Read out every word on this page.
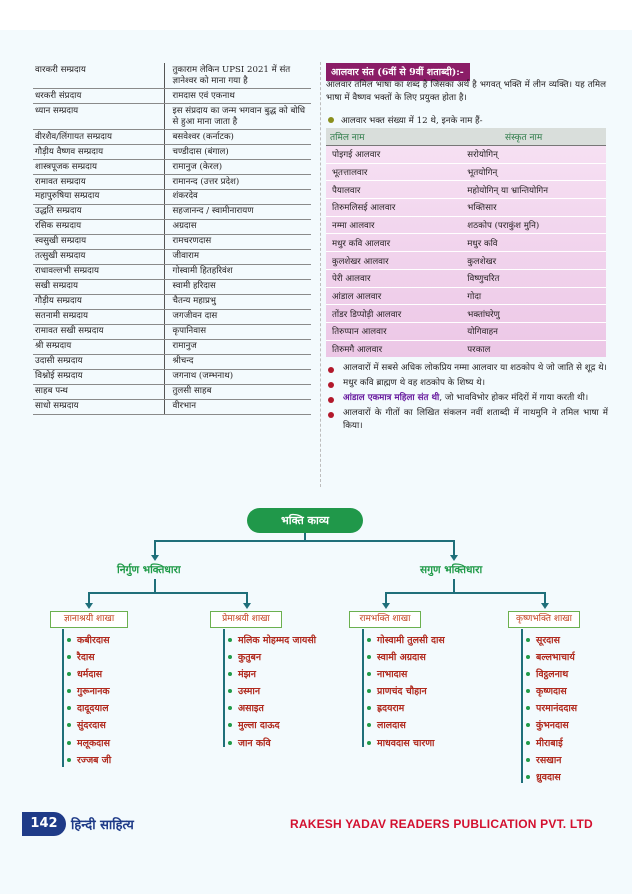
वारकरी सम्प्रदाय	तुकाराम लेकिन UPSI 2021 में संत ज्ञानेश्वर को माना गया है
धरकरी संप्रदाय	रामदास एवं एकनाथ
ध्यान सम्प्रदाय	इस संप्रदाय का जन्म भगवान बुद्ध को बोधि से हुआ माना जाता है
वीरशैव/लिंगायत सम्प्रदाय	बसवेश्वर (कर्नाटक)
गौड़ीय वैष्णव सम्प्रदाय	चण्डीदास (बंगाल)
शास्त्रपूजक सम्प्रदाय	रामानुज (केरल)
रामावत सम्प्रदाय	रामानन्द (उत्तर प्रदेश)
महापुरुषिया सम्प्रदाय	शंकरदेव
उद्धति सम्प्रदाय	सहजानन्द / स्वामीनारायण
रसिक सम्प्रदाय	अग्रदास
स्वसुखी सम्प्रदाय	रामचरणदास
तत्सुखी सम्प्रदाय	जीवाराम
राधावल्लभी सम्प्रदाय	गोस्वामी हितहरिवंश
सखी सम्प्रदाय	स्वामी हरिदास
गौड़ीय सम्प्रदाय	चैतन्य महाप्रभु
सतनामी सम्प्रदाय	जगजीवन दास
रामावत सखी सम्प्रदाय	कृपानिवास
श्री सम्प्रदाय	रामानुज
उदासी सम्प्रदाय	श्रीचन्द
विश्नोई सम्प्रदाय	जगनाथ (जम्भनाथ)
साहब पन्थ	तुलसी साहब
साधो सम्प्रदाय	वीरभान
आलवार संत (6वीं से 9वीं शताब्दी):-

आलवार तमिल भाषा का शब्द है जिसका अर्थ है भगवत् भक्ति में लीन व्यक्ति। यह तमिल भाषा में वैष्णव भक्तों के लिए प्रयुक्त होता है।

आलवार भक्त संख्या में 12 थे, इनके नाम हैं-
तमिल नाम	संस्कृत नाम
पोइगई आलवार	सरोयोगिन्
भूतत्तालवार	भूतयोगिन्
पैयालवार	महोयोगिन् या भ्रान्तियोगिन
तिरुमलिसई आलवार	भक्तिसार
नम्मा आलवार	शठकोप (पराकुंश मुनि)
मधुर कवि आलवार	मधुर कवि
कुलशेखर आलवार	कुलशेखर
पेरी आलवार	विष्णुचरित
आंडाल आलवार	गोदा
तोंडर डिप्पोड़ी आलवार	भक्तांघरेणु
तिरुप्पान आलवार	योगिवाहन
तिरुमगै आलवार	परकाल
आलवारों में सबसे अधिक लोकप्रिय नम्मा आलवार या शठकोप थे जो जाति से शूद्र थे।
मधुर कवि ब्राह्मण थे वह शठकोप के शिष्य थे।
आंडाल एकमात्र महिला संत थी, जो भावविभोर होकर मंदिरों में गाया करती थी।
आलवारों के गीतों का लिखित संकलन नवीं शताब्दी में नाथमुनि ने तमिल भाषा में किया।
भक्ति काव्य
निर्गुण भक्तिधारा	सगुण भक्तिधारा
ज्ञानाश्रयी शाखा	प्रेमाश्रयी शाखा	रामभक्ति शाखा	कृष्णभक्ति शाखा
कबीरदास
रैदास
धर्मदास
गुरूनानक
दादूदयाल
सुंदरदास
मलूकदास
रज्जब जी
मलिक मोहम्मद जायसी
कुतुबन
मंझन
उस्मान
असाइत
मुल्ला दाऊद
जान कवि
गोस्वामी तुलसी दास
स्वामी अग्रदास
नाभादास
प्राणचंद चौहान
ह्रदयराम
लालदास
माधवदास चारणा
सूरदास
बल्लभाचार्य
विट्ठलनाथ
कृष्णदास
परमानंददास
कुंभनदास
मीराबाई
रसखान
ध्रुवदास
142	हिन्दी साहित्य	RAKESH YADAV READERS PUBLICATION PVT. LTD
